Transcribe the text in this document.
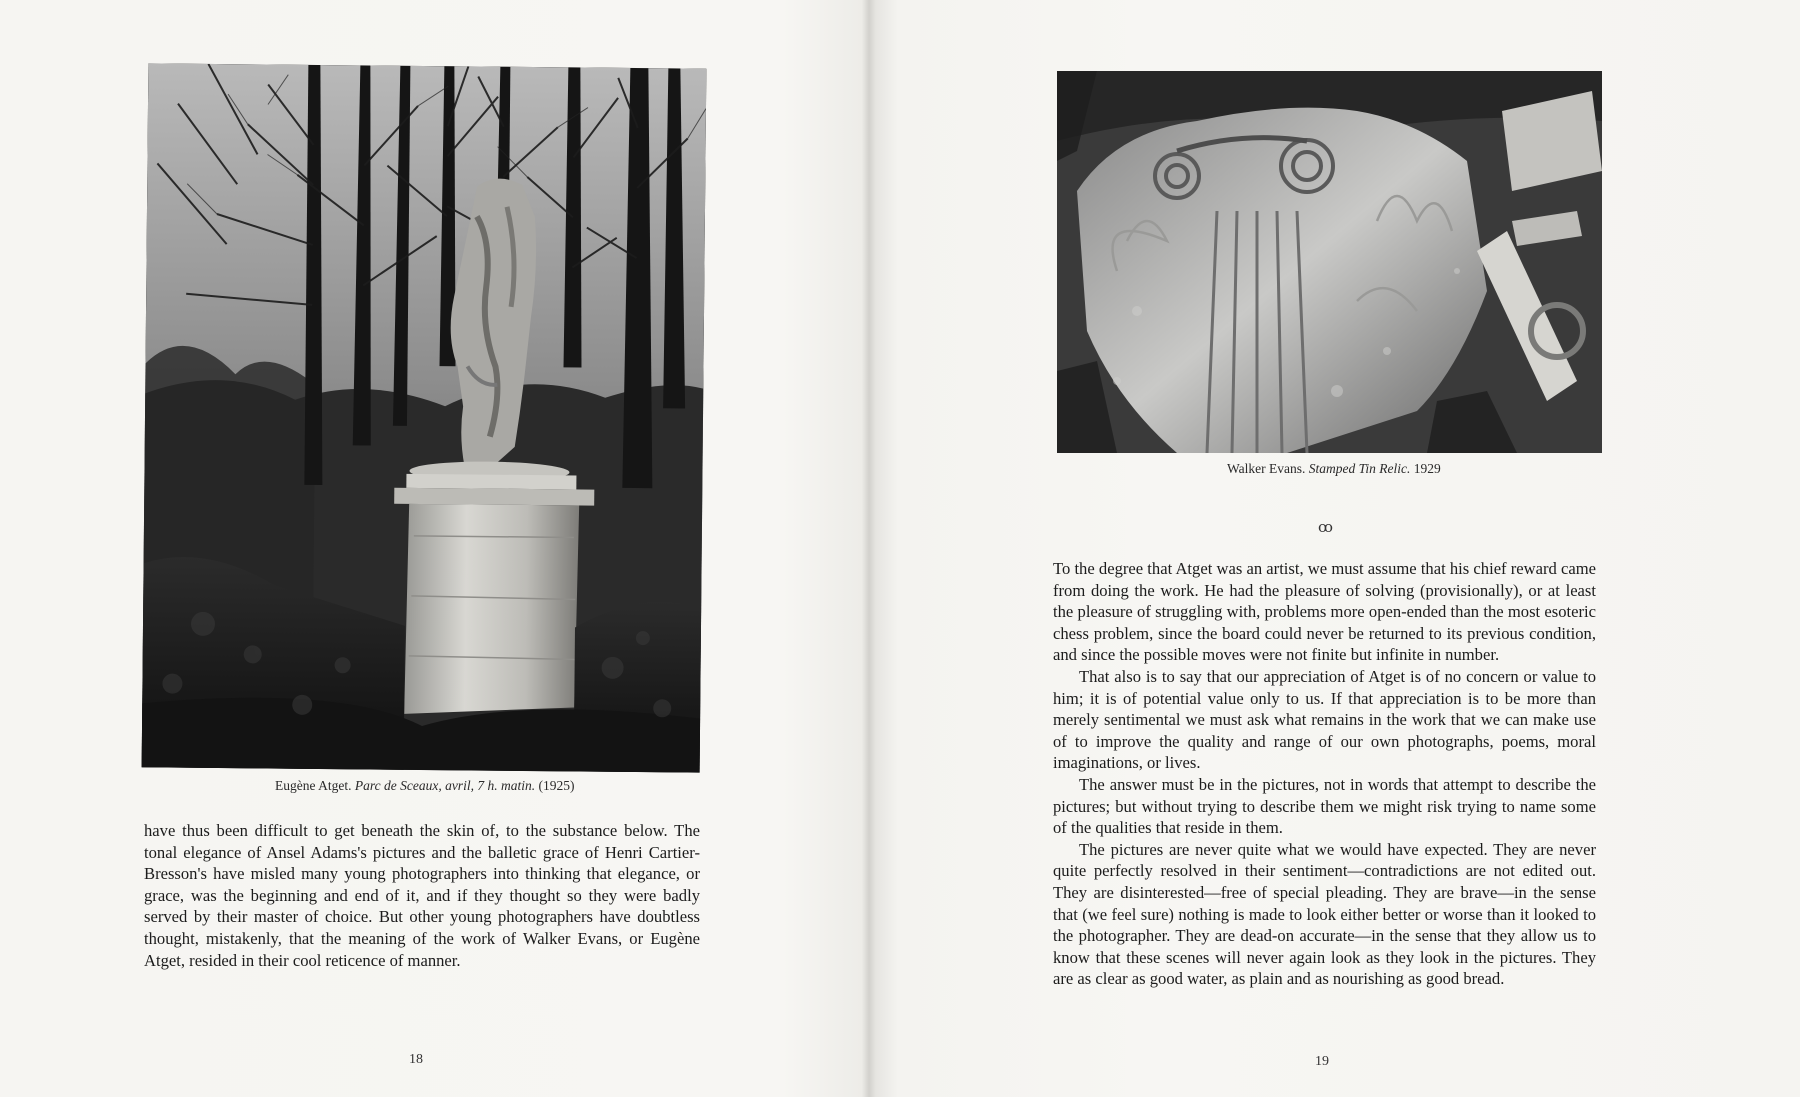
Eugène Atget. Parc de Sceaux, avril, 7 h. matin. (1925)

have thus been difficult to get beneath the skin of, to the substance below. The tonal elegance of Ansel Adams's pictures and the balletic grace of Henri Cartier-Bresson's have misled many young photographers into thinking that elegance, or grace, was the beginning and end of it, and if they thought so they were badly served by their master of choice. But other young photographers have doubtless thought, mistakenly, that the meaning of the work of Walker Evans, or Eugène Atget, resided in their cool reticence of manner.

18
Walker Evans. Stamped Tin Relic. 1929
ꝏ

To the degree that Atget was an artist, we must assume that his chief reward came from doing the work. He had the pleasure of solving (provisionally), or at least the pleasure of struggling with, problems more open-ended than the most esoteric chess problem, since the board could never be returned to its previous condition, and since the possible moves were not finite but infinite in number.

That also is to say that our appreciation of Atget is of no concern or value to him; it is of potential value only to us. If that appreciation is to be more than merely sentimental we must ask what remains in the work that we can make use of to improve the quality and range of our own photographs, poems, moral imaginations, or lives.

The answer must be in the pictures, not in words that attempt to describe the pictures; but without trying to describe them we might risk trying to name some of the qualities that reside in them.

The pictures are never quite what we would have expected. They are never quite perfectly resolved in their sentiment—contradictions are not edited out. They are disinterested—free of special pleading. They are brave—in the sense that (we feel sure) nothing is made to look either better or worse than it looked to the photographer. They are dead-on accurate—in the sense that they allow us to know that these scenes will never again look as they look in the pictures. They are as clear as good water, as plain and as nourishing as good bread.

19
